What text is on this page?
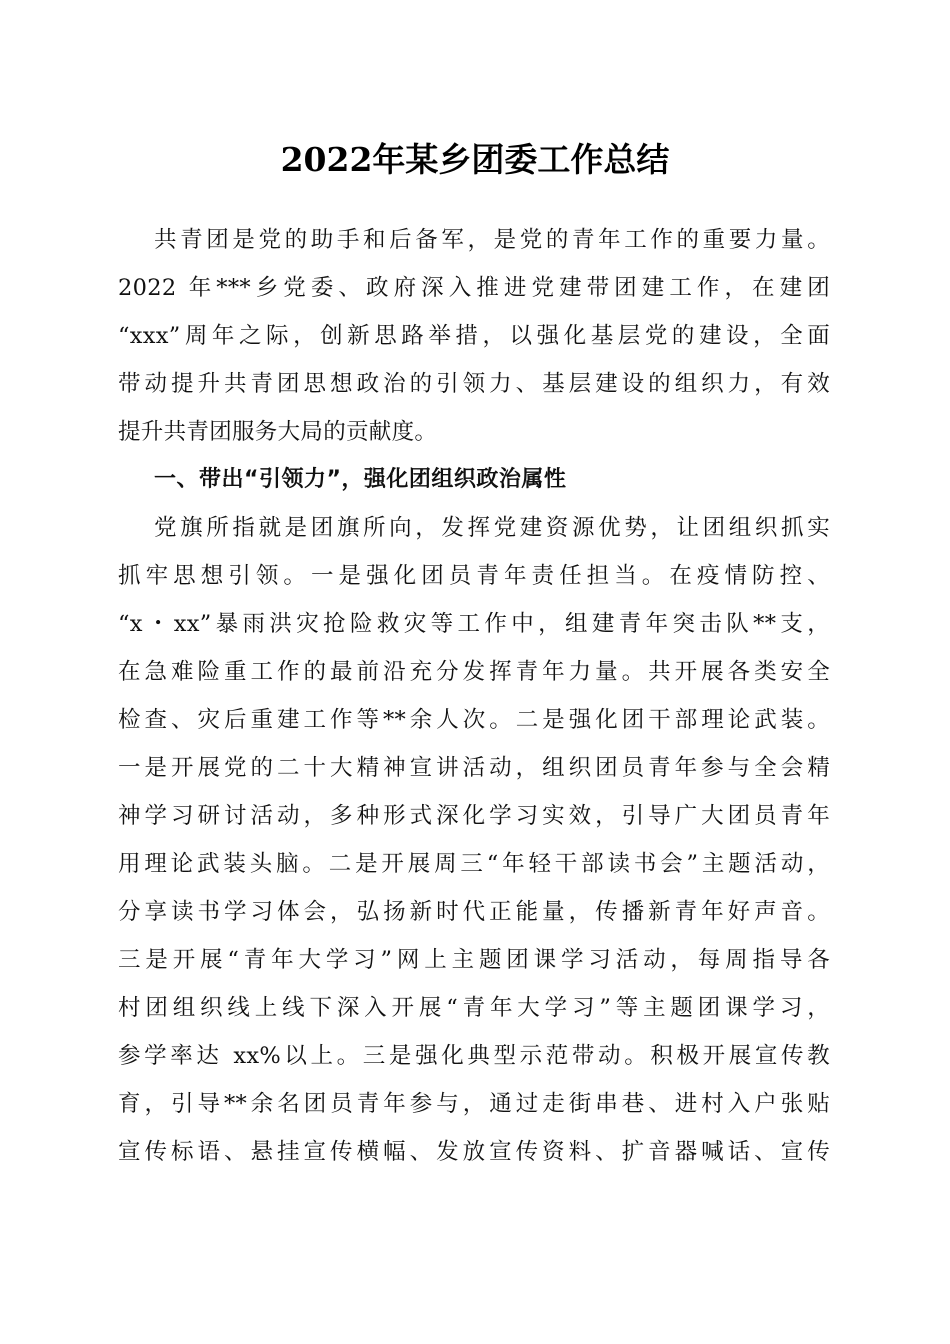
2022年某乡团委工作总结
共青团是党的助手和后备军，是党的青年工作的重要力量。
2022 年***乡党委、政府深入推进党建带团建工作，在建团
“xxx”周年之际，创新思路举措，以强化基层党的建设，全面
带动提升共青团思想政治的引领力、基层建设的组织力，有效
提升共青团服务大局的贡献度。
一、带出“引领力”，强化团组织政治属性
党旗所指就是团旗所向，发挥党建资源优势，让团组织抓实
抓牢思想引领。一是强化团员青年责任担当。在疫情防控、
“x・xx”暴雨洪灾抢险救灾等工作中，组建青年突击队**支，
在急难险重工作的最前沿充分发挥青年力量。共开展各类安全
检查、灾后重建工作等**余人次。二是强化团干部理论武装。
一是开展党的二十大精神宣讲活动，组织团员青年参与全会精
神学习研讨活动，多种形式深化学习实效，引导广大团员青年
用理论武装头脑。二是开展周三“年轻干部读书会”主题活动，
分享读书学习体会，弘扬新时代正能量，传播新青年好声音。
三是开展“青年大学习”网上主题团课学习活动，每周指导各
村团组织线上线下深入开展“青年大学习”等主题团课学习，
参学率达 xx%以上。三是强化典型示范带动。积极开展宣传教
育，引导**余名团员青年参与，通过走街串巷、进村入户张贴
宣传标语、悬挂宣传横幅、发放宣传资料、扩音器喊话、宣传
